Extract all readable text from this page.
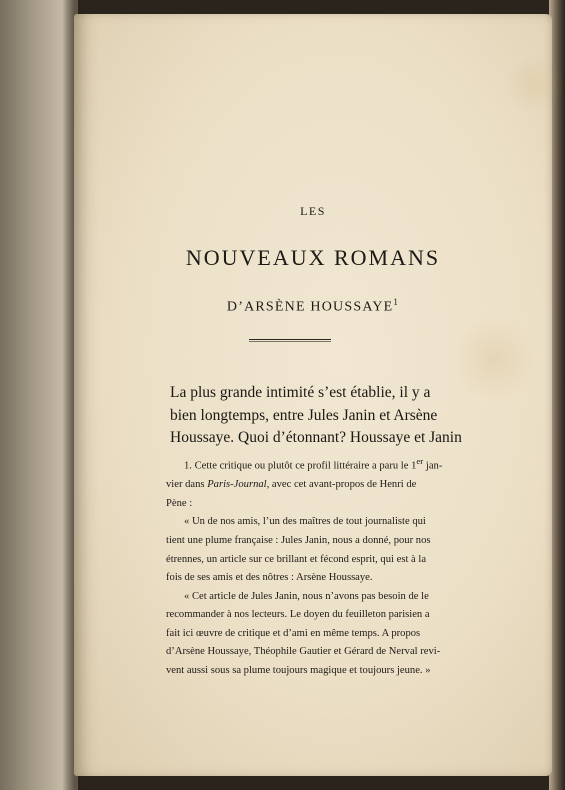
LES
NOUVEAUX ROMANS
D’ARSÈNE HOUSSAYE$^1$
La plus grande intimité s’est établie, il y a
bien longtemps, entre Jules Janin et Arsène
Houssaye. Quoi d’étonnant? Houssaye et Janin
1. Cette critique ou plutôt ce profil littéraire a paru le 1er jan-
vier dans Paris-Journal, avec cet avant-propos de Henri de
Pène :
« Un de nos amis, l’un des maîtres de tout journaliste qui
tient une plume française : Jules Janin, nous a donné, pour nos
étrennes, un article sur ce brillant et fécond esprit, qui est à la
fois de ses amis et des nôtres : Arsène Houssaye.
« Cet article de Jules Janin, nous n’avons pas besoin de le
recommander à nos lecteurs. Le doyen du feuilleton parisien a
fait ici œuvre de critique et d’ami en même temps. A propos
d’Arsène Houssaye, Théophile Gautier et Gérard de Nerval revi-
vent aussi sous sa plume toujours magique et toujours jeune. »
